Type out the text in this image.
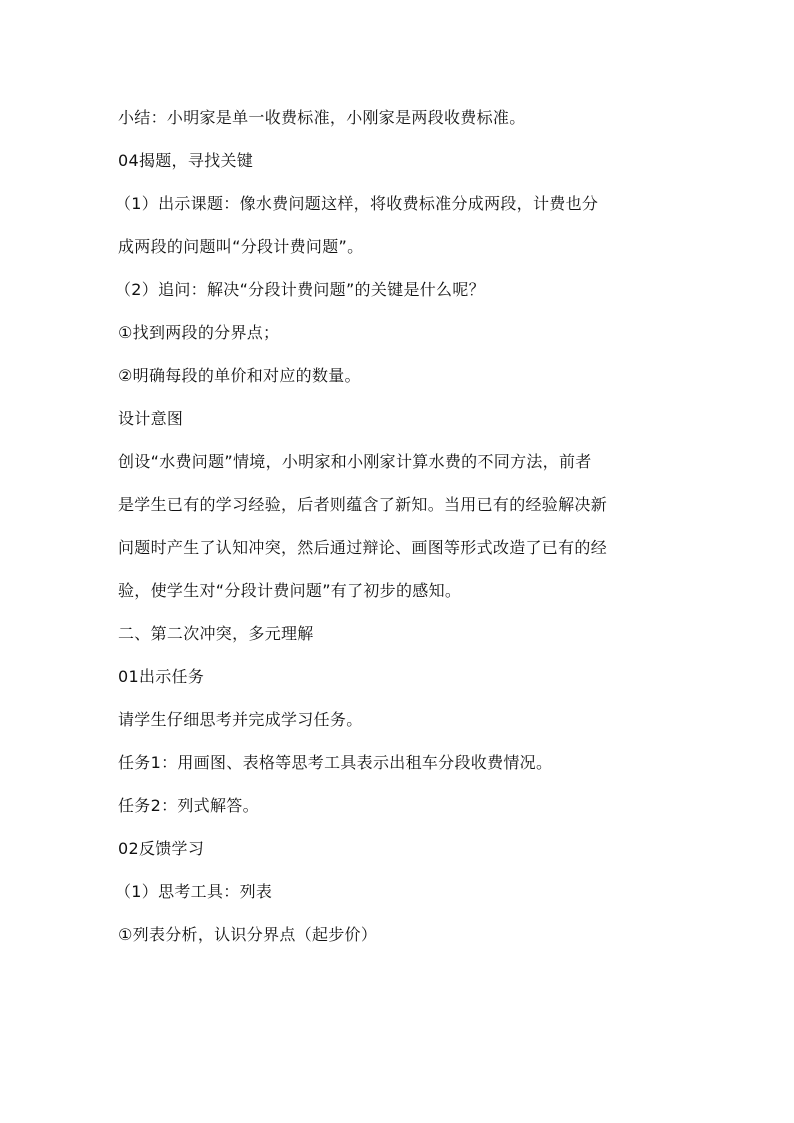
小结：小明家是单一收费标准，小刚家是两段收费标准。
04揭题，寻找关键
（1）出示课题：像水费问题这样，将收费标准分成两段，计费也分
成两段的问题叫“分段计费问题”。
（2）追问：解决“分段计费问题”的关键是什么呢？
①找到两段的分界点；
②明确每段的单价和对应的数量。
设计意图
创设“水费问题”情境，小明家和小刚家计算水费的不同方法，前者
是学生已有的学习经验，后者则蕴含了新知。当用已有的经验解决新
问题时产生了认知冲突，然后通过辩论、画图等形式改造了已有的经
验，使学生对“分段计费问题”有了初步的感知。
二、第二次冲突，多元理解
01出示任务
请学生仔细思考并完成学习任务。
任务1：用画图、表格等思考工具表示出租车分段收费情况。
任务2：列式解答。
02反馈学习
（1）思考工具：列表
①列表分析，认识分界点（起步价）
